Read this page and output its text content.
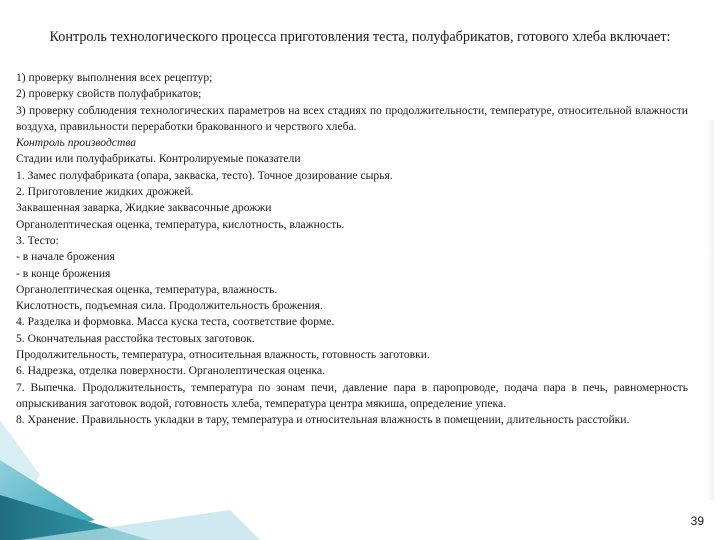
Контроль технологического процесса приготовления теста, полуфабрикатов, готового хлеба включает:

1) проверку выполнения всех рецептур;

2) проверку свойств полуфабрикатов;

3) проверку соблюдения технологических параметров на всех стадиях по продолжительности, температуре, относительной влажности воздуха, правильности переработки бракованного и черствого хлеба.

Контроль производства

Стадии или полуфабрикаты. Контролируемые показатели

1. Замес полуфабриката (опара, закваска, тесто). Точное дозирование сырья.

2. Приготовление жидких дрожжей.

Заквашенная заварка, Жидкие заквасочные дрожжи

Органолептическая оценка, температура, кислотность, влажность.

3. Тесто:

- в начале брожения

- в конце брожения

Органолептическая оценка, температура, влажность.

Кислотность, подъемная сила. Продолжительность брожения.

4. Разделка и формовка. Масса куска теста, соответствие форме.

5. Окончательная расстойка тестовых заготовок.

Продолжительность, температура, относительная влажность, готовность заготовки.

6. Надрезка, отделка поверхности. Органолептическая оценка.

7. Выпечка. Продолжительность, температура по зонам печи, давление пара в паропроводе, подача пара в печь, равномерность опрыскивания заготовок водой, готовность хлеба, температура центра мякиша, определение упека.

8. Хранение. Правильность укладки в тару, температура и относительная влажность в помещении, длительность расстойки.

39
